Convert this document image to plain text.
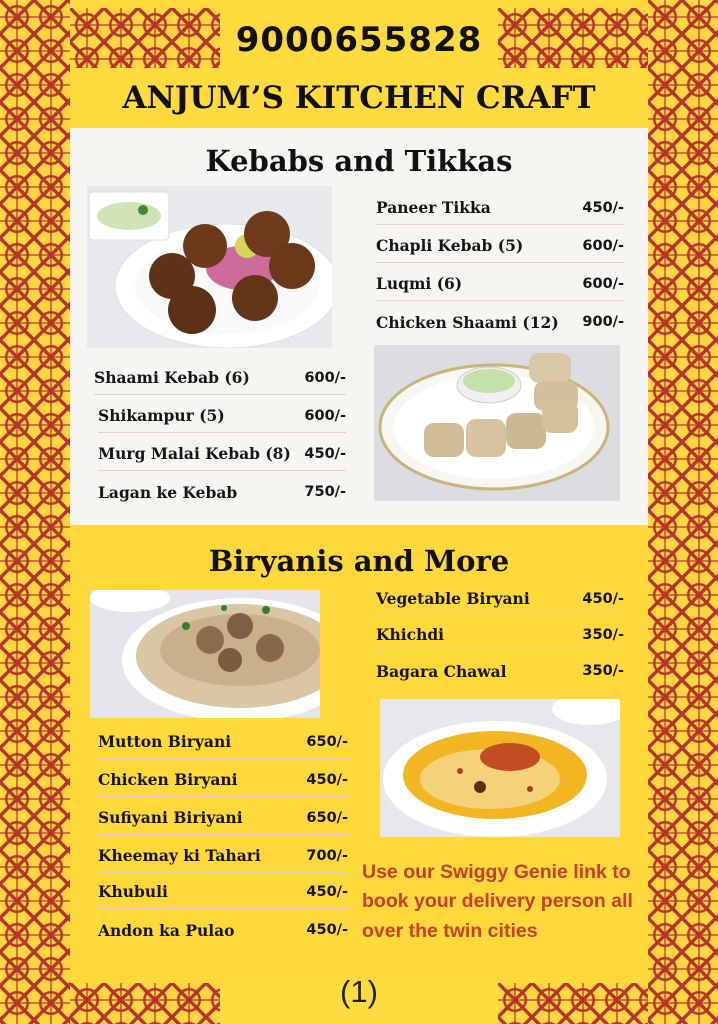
9000655828
ANJUM’S KITCHEN CRAFT
Kebabs and Tikkas
Paneer Tikka	450/-
Chapli Kebab (5)	600/-
Luqmi (6)	600/-
Chicken Shaami (12) 900/-
Shaami Kebab (6)	600/-
Shikampur (5)	600/-
Murg Malai Kebab (8) 450/-
Lagan ke Kebab	750/-
Biryanis and More
Vegetable Biryani	450/-
Khichdi	350/-
Bagara Chawal	350/-
Mutton Biryani	650/-
Chicken Biryani	450/-
Sufiyani Biriyani	650/-
Kheemay ki Tahari	700/-
Khubuli	450/-
Andon ka Pulao	450/-
Use our Swiggy Genie link to book your delivery person all over the twin cities
(1)
